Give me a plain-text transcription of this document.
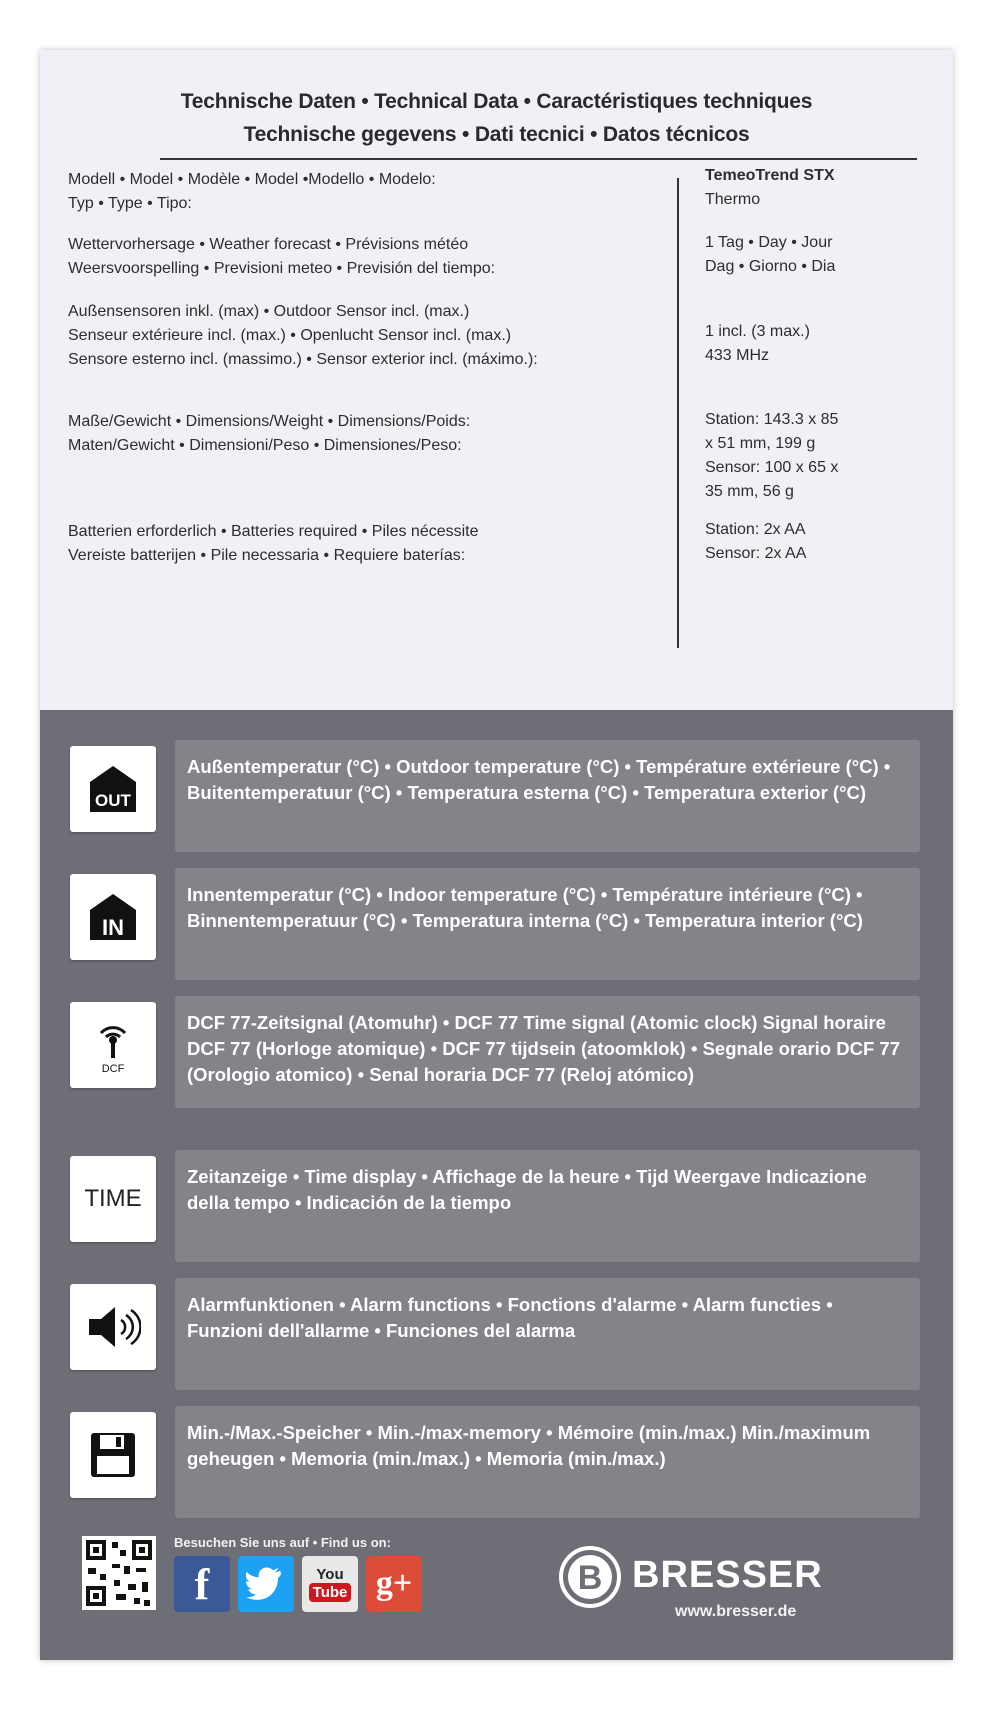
Technische Daten • Technical Data • Caractéristiques techniques
Technische gegevens • Dati tecnici • Datos técnicos
Modell • Model • Modèle • Model •Modello • Modelo:
Typ • Type • Tipo:
TemeoTrend STX
Thermo
Wettervorhersage • Weather forecast • Prévisions météo
Weersvoorspelling • Previsioni meteo • Previsión del tiempo:
1 Tag • Day • Jour
Dag • Giorno • Dia
Außensensoren inkl. (max) • Outdoor Sensor incl. (max.)
Senseur extérieure incl. (max.) • Openlucht Sensor incl. (max.)
Sensore esterno incl. (massimo.) • Sensor exterior incl. (máximo.):
1 incl. (3 max.)
433 MHz
Maße/Gewicht • Dimensions/Weight • Dimensions/Poids:
Maten/Gewicht • Dimensioni/Peso • Dimensiones/Peso:
Station: 143.3 x 85
x 51 mm, 199 g
Sensor: 100 x 65 x
35 mm, 56 g
Batterien erforderlich • Batteries required • Piles nécessite
Vereiste batterijen • Pile necessaria • Requiere baterías:
Station: 2x AA
Sensor: 2x AA
OUT
Außentemperatur (°C) • Outdoor temperature (°C) • Température extérieure (°C) • Buitentemperatuur (°C) • Temperatura esterna (°C) • Temperatura exterior (°C)
IN
Innentemperatur (°C) • Indoor temperature (°C) • Température intérieure (°C) • Binnentemperatuur (°C) • Temperatura interna (°C) • Temperatura interior (°C)
DCF
DCF 77-Zeitsignal (Atomuhr) • DCF 77 Time signal (Atomic clock) Signal horaire DCF 77 (Horloge atomique) • DCF 77 tijdsein (atoomklok) • Segnale orario DCF 77 (Orologio atomico) • Senal horaria DCF 77 (Reloj atómico)
TIME
Zeitanzeige • Time display • Affichage de la heure • Tijd Weergave Indicazione della tempo • Indicación de la tiempo
Alarmfunktionen • Alarm functions • Fonctions d'alarme • Alarm functies • Funzioni dell'allarme • Funciones del alarma
Min.-/Max.-Speicher • Min.-/max-memory • Mémoire (min./max.) Min./maximum geheugen • Memoria (min./max.) • Memoria (min./max.)
Besuchen Sie uns auf • Find us on:
f	You
Tube g+	B BRESSER
www.bresser.de
